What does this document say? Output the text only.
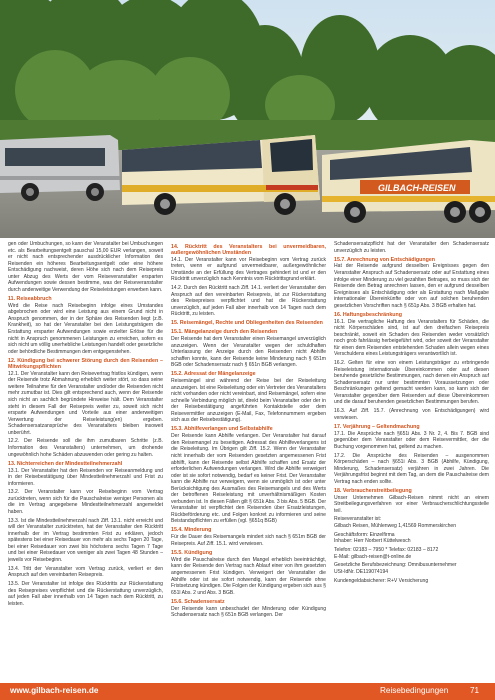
GILBACH-REISEN

gen oder Umbuchungen, so kann der Veranstalter bei Umbuchungen etc. als Bearbeitungsentgelt pauschal 15,00 EUR verlangen, soweit er nicht nach entsprechender ausdrücklicher Information des Reisenden ein höheres Bearbeitungsentgelt oder eine höhere Entschädigung nachweist, deren Höhe sich nach dem Reisepreis unter Abzug des Werts der vom Reiseveranstalter ersparten Aufwendungen sowie dessen bestimme, was der Reiseveranstalter durch anderweitige Verwendung der Reiseleistungen erwerben kann.

11. Reiseabbruch

Wird die Reise nach Reisebeginn infolge eines Umstandes abgebrochen oder wird eine Leistung aus einem Grund nicht in Anspruch genommen, der in der Sphäre des Reisenden liegt (z.B. Krankheit), so hat der Veranstalter bei den Leistungsträgern die Erstattung ersparter Aufwendungen sowie erzielter Erlöse für die nicht in Anspruch genommenen Leistungen zu erreichen, sofern es sich nicht um völlig unerhebliche Leistungen handelt oder gesetzliche oder behördliche Bestimmungen dem entgegenstehen.

12. Kündigung bei schwerer Störung durch den Reisenden – Mitwirkungspflichten

12.1. Der Veranstalter kann den Reisevertrag fristlos kündigen, wenn der Reisende trotz Abmahnung erheblich weiter stört, so dass seine weitere Teilnahme für den Veranstalter und/oder die Reisenden nicht mehr zumutbar ist. Dies gilt entsprechend auch, wenn der Reisende sich nicht an sachlich begründete Hinweise hält. Dem Veranstalter steht in diesem Fall der Reisepreis weiter zu, soweit sich nicht ersparte Aufwendungen und Vorteile aus einer anderweitigen Verwertung der Reiseleistung(en) ergeben. Schadensersatzansprüche des Veranstalters bleiben insoweit unberührt.

12.2. Der Reisende soll die ihm zumutbaren Schritte (z.B. Information des Veranstalters) unternehmen, um drohende ungewöhnlich hohe Schäden abzuwenden oder gering zu halten.

13. Nichterreichen der Mindestteilnehmerzahl

13.1. Der Veranstalter hat den Reisenden vor Reiseanmeldung und in der Reisebestätigung über Mindestteilnehmerzahl und Frist zu informieren.

13.2. Der Veranstalter kann vor Reisebeginn vom Vertrag zurücktreten, wenn sich für die Pauschalreise weniger Personen als die im Vertrag angegebene Mindestteilnehmerzahl angemeldet haben.

13.3. Ist die Mindestteilnehmerzahl nach Ziff. 13.1. nicht erreicht und will der Veranstalter zurücktreten, hat der Veranstalter den Rücktritt innerhalb der im Vertrag bestimmten Frist zu erklären, jedoch spätestens bei einer Reisedauer von mehr als sechs Tagen 20 Tage, bei einer Reisedauer von zwei bis höchstens sechs Tagen 7 Tage und bei einer Reisedauer von weniger als zwei Tagen 48 Stunden – jeweils vor Reisebeginn.

13.4. Tritt der Veranstalter vom Vertrag zurück, verliert er den Anspruch auf den vereinbarten Reisepreis.

13.5. Der Veranstalter ist infolge des Rücktritts zur Rückerstattung des Reisepreises verpflichtet und die Rückerstattung unverzüglich, auf jeden Fall aber innerhalb von 14 Tagen nach dem Rücktritt, zu leisten.

14. Rücktritt des Veranstalters bei unvermeidbaren, außergewöhnlichen Umständen

14.1. Der Veranstalter kann vor Reisebeginn vom Vertrag zurück treten, wenn er aufgrund unvermeidbarer, außergewöhnlicher Umstände an der Erfüllung des Vertrages gehindert ist und er den Rücktritt unverzüglich nach Kenntnis vom Rücktrittsgrund erklärt.

14.2. Durch den Rücktritt nach Ziff. 14.1. verliert der Veranstalter den Anspruch auf den vereinbarten Reisepreis, ist zur Rückerstattung des Reisepreises verpflichtet und hat die Rückerstattung unverzüglich, auf jeden Fall aber innerhalb von 14 Tagen nach dem Rücktritt, zu leisten.

15. Reisemängel, Rechte und Obliegenheiten des Reisenden
15.1. Mängelanzeige durch den Reisenden

Der Reisende hat dem Veranstalter einen Reisemangel unverzüglich anzuzeigen. Wenn der Veranstalter wegen der schuldhaften Unterlassung der Anzeige durch den Reisenden nicht Abhilfe schaffen konnte, kann der Reisende keine Minderung nach § 651m BGB oder Schadensersatz nach § 651n BGB verlangen.

15.2. Adressat der Mängelanzeige

Reisemängel sind während der Reise bei der Reiseleitung anzuzeigen. Ist eine Reiseleitung oder ein Vertreter des Veranstalters nicht vorhanden oder nicht vereinbart, sind Reisemängel, sofern eine schnelle Verbindung möglich ist, direkt beim Veranstalter oder der in der Reisebestätigung angeführten Kontaktstelle oder dem Reisevermittler anzuzeigen (E-Mail, Fax, Telefonnummern ergeben sich aus der Reisebestätigung).

15.3. Abhilfeverlangen und Selbstabhilfe

Der Reisende kann Abhilfe verlangen. Der Veranstalter hat darauf den Reisemangel zu beseitigen. Adressat des Abhilfeverlangens ist die Reiseleitung. Im Übrigen gilt Ziff. 15.2. Wenn der Veranstalter nicht innerhalb der vom Reisenden gesetzten angemessenen Frist abhilft, kann der Reisende selbst Abhilfe schaffen und Ersatz der erforderlichen Aufwendungen verlangen. Wird die Abhilfe verweigert oder ist sie sofort notwendig, bedarf es keiner Frist. Der Veranstalter kann die Abhilfe nur verweigern, wenn sie unmöglich ist oder unter Berücksichtigung des Ausmaßes des Reisemangels und des Werts der betroffenen Reiseleistung mit unverhältnismäßigen Kosten verbunden ist. In diesen Fällen gilt § 651k Abs. 3 bis Abs. 5 BGB. Der Veranstalter ist verpflichtet den Reisenden über Ersatzleistungen, Rückbeförderung etc. und Folgen konkret zu informieren und seine Beistandspflichten zu erfüllen (vgl. §651q BGB)

15.4. Minderung

Für die Dauer des Reisemangels mindert sich nach § 651m BGB der Reisepreis. Auf Ziff. 15.1. wird verwiesen.

15.5. Kündigung

Wird die Pauschalreise durch den Mangel erheblich beeinträchtigt, kann der Reisende den Vertrag nach Ablauf einer von ihm gesetzten angemessenen Frist kündigen. Verweigert der Veranstalter die Abhilfe oder ist sie sofort notwendig, kann der Reisende ohne Fristsetzung kündigen. Die Folgen der Kündigung ergeben sich aus § 651l Abs. 2 und Abs. 3 BGB.

15.6. Schadensersatz

Der Reisende kann unbeschadet der Minderung oder Kündigung Schadensersatz nach § 651n BGB verlangen. Der

Schadensersatzpflicht hat der Veranstalter den Schadensersatz unverzüglich zu leisten.

15.7. Anrechnung von Entschädigungen

Hat der Reisende aufgrund desselben Ereignisses gegen den Veranstalter Anspruch auf Schadensersatz oder auf Erstattung eines infolge einer Minderung zu viel gezahlten Betrages, so muss sich der Reisende den Betrag anrechnen lassen, den er aufgrund desselben Ereignisses als Entschädigung oder als Erstattung nach Maßgabe internationaler Übereinkünfte oder von auf solchen beruhenden gesetzlichen Vorschriften nach § 651p Abs. 3 BGB erhalten hat.

16. Haftungsbeschränkung

16.1. Die vertragliche Haftung des Veranstalters für Schäden, die nicht Körperschäden sind, ist auf den dreifachen Reisepreis beschränkt, soweit ein Schaden des Reisenden weder vorsätzlich noch grob fahrlässig herbeigeführt wird, oder soweit der Veranstalter für einen dem Reisenden entstehenden Schaden allein wegen eines Verschuldens eines Leistungsträgers verantwortlich ist.

16.2. Gelten für eine von einem Leistungsträger zu erbringende Reiseleistung internationale Übereinkommen oder auf diesen beruhende gesetzliche Bestimmungen, nach denen ein Anspruch auf Schadensersatz nur unter bestimmten Voraussetzungen oder Beschränkungen geltend gemacht werden kann, so kann sich der Veranstalter gegenüber dem Reisenden auf diese Übereinkommen und die darauf beruhenden gesetzlichen Bestimmungen berufen.

16.3. Auf Ziff. 15.7. (Anrechnung von Entschädigungen) wird verwiesen.

17. Verjährung – Geltendmachung

17.1. Die Ansprüche nach §651i Abs. 3 Nr. 2, 4. Bis 7. BGB sind gegenüber dem Veranstalter oder dem Reisevermittler, der die Buchung vorgenommen hat, geltend zu machen.

17.2. Die Ansprüche des Reisenden – ausgenommen Körperschäden – nach §651i Abs. 3 BGB (Abhilfe, Kündigung, Minderung, Schadensersatz) verjähren in zwei Jahren. Die Verjährungsfrist beginnt mit dem Tag, an dem die Pauschalreise dem Vertrag nach enden sollte.

18. Verbraucherstreitbeilegung

Unser Unternehmen Gilbach-Reisen nimmt nicht an einem Streitbeilegungsverfahren vor einer Verbraucherschlichtungsstelle teil.

Reiseveranstalter ist:
Gilbach Reisen, Mühlenweg 1,41569 Rommerskirchen

Geschäftsform: Einzelfirma
Inhaber: Herr Norbert Küttelwesch

Telefon: 02183 – 7950 * Telefax: 02183 – 8172
E-Mail: gilbach-reisen@t-online.de

Gesetzliche Berufsbezeichnung: Omnibusunternehmer
USt-IdNr. DE119074194

Kundengeldabsicherer: R+V Versicherung

www.gilbach-reisen.de	Reisebedingungen	71
